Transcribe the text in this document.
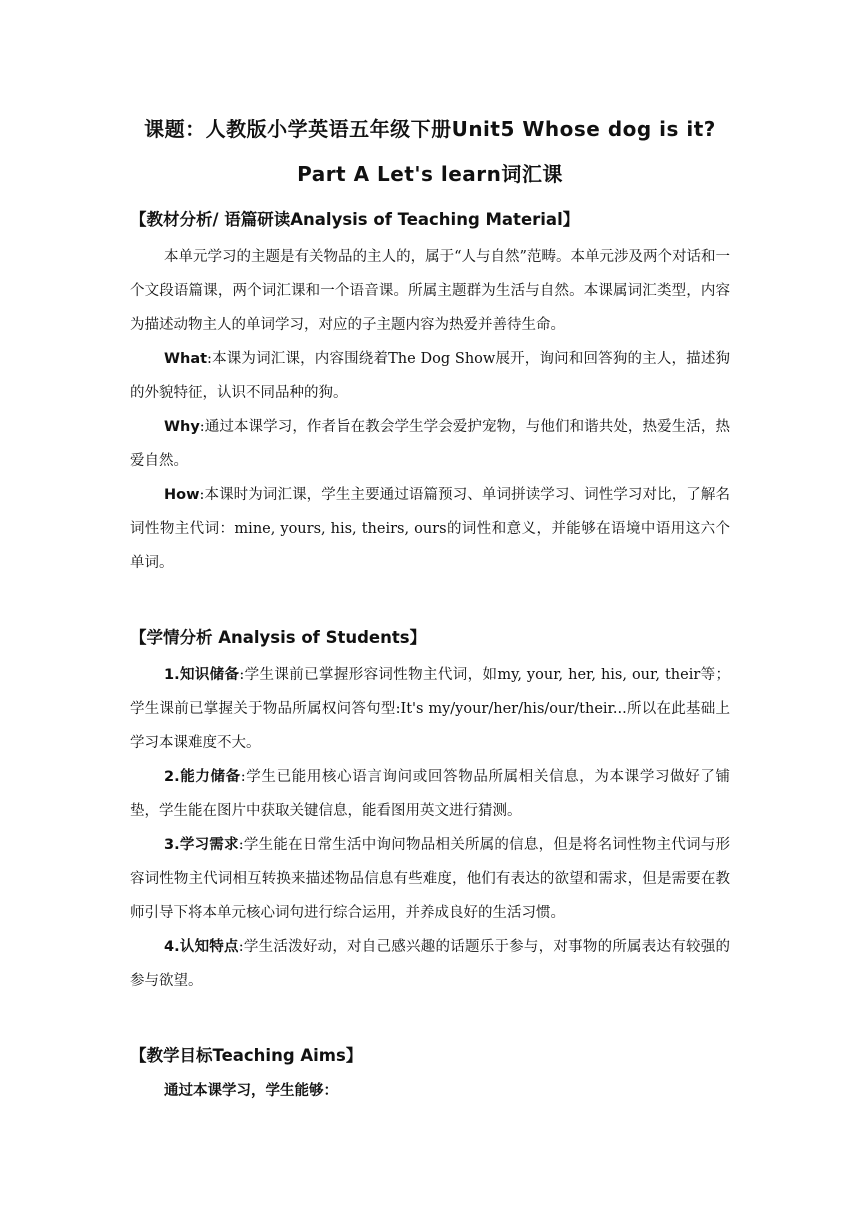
课题：人教版小学英语五年级下册Unit5 Whose dog is it?
Part A Let's learn词汇课
【教材分析/ 语篇研读Analysis of Teaching Material】

本单元学习的主题是有关物品的主人的，属于“人与自然”范畴。本单元涉及两个对话和一个文段语篇课，两个词汇课和一个语音课。所属主题群为生活与自然。本课属词汇类型，内容为描述动物主人的单词学习，对应的子主题内容为热爱并善待生命。

What:本课为词汇课，内容围绕着The Dog Show展开，询问和回答狗的主人，描述狗的外貌特征，认识不同品种的狗。

Why:通过本课学习，作者旨在教会学生学会爱护宠物，与他们和谐共处，热爱生活，热爱自然。

How:本课时为词汇课，学生主要通过语篇预习、单词拼读学习、词性学习对比，了解名词性物主代词：mine, yours, his, theirs, ours的词性和意义，并能够在语境中语用这六个单词。

【学情分析 Analysis of Students】

1.知识储备:学生课前已掌握形容词性物主代词，如my, your, her, his, our, their等；学生课前已掌握关于物品所属权问答句型:It's my/your/her/his/our/their...所以在此基础上学习本课难度不大。

2.能力储备:学生已能用核心语言询问或回答物品所属相关信息，为本课学习做好了铺垫，学生能在图片中获取关键信息，能看图用英文进行猜测。

3.学习需求:学生能在日常生活中询问物品相关所属的信息，但是将名词性物主代词与形容词性物主代词相互转换来描述物品信息有些难度，他们有表达的欲望和需求，但是需要在教师引导下将本单元核心词句进行综合运用，并养成良好的生活习惯。

4.认知特点:学生活泼好动，对自己感兴趣的话题乐于参与，对事物的所属表达有较强的参与欲望。

【教学目标Teaching Aims】

通过本课学习，学生能够：
